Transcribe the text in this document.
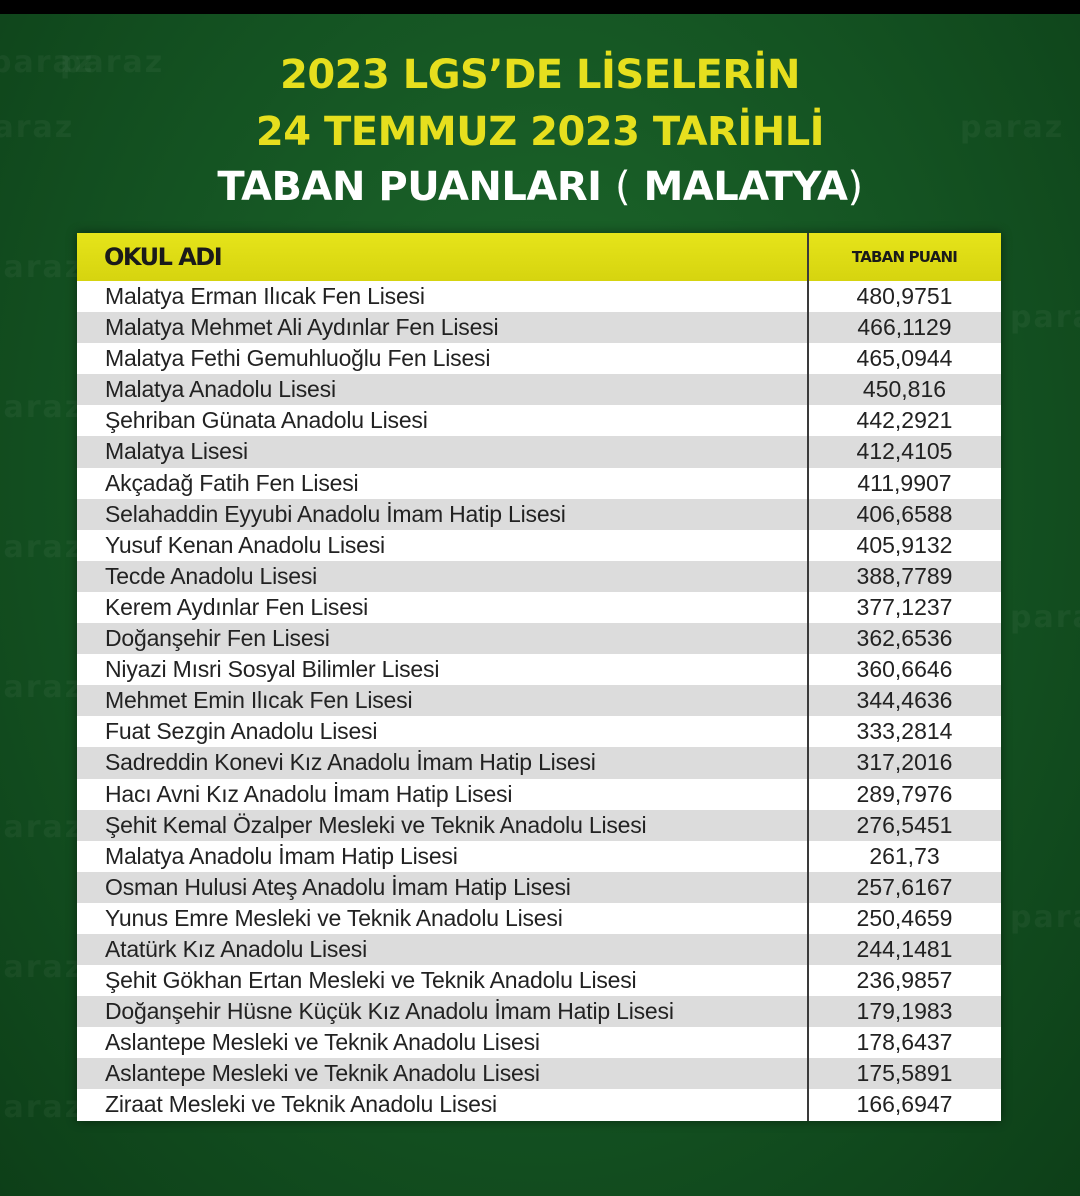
2023 LGS’DE LİSELERİN
24 TEMMUZ 2023 TARİHLİ
TABAN PUANLARI ( MALATYA)
OKUL ADI	TABAN PUANI
Malatya Erman Ilıcak Fen Lisesi	480,9751
Malatya Mehmet Ali Aydınlar Fen Lisesi	466,1129
Malatya Fethi Gemuhluoğlu Fen Lisesi	465,0944
Malatya Anadolu Lisesi	450,816
Şehriban Günata Anadolu Lisesi	442,2921
Malatya Lisesi	412,4105
Akçadağ Fatih Fen Lisesi	411,9907
Selahaddin Eyyubi Anadolu İmam Hatip Lisesi	406,6588
Yusuf Kenan Anadolu Lisesi	405,9132
Tecde Anadolu Lisesi	388,7789
Kerem Aydınlar Fen Lisesi	377,1237
Doğanşehir Fen Lisesi	362,6536
Niyazi Mısri Sosyal Bilimler Lisesi	360,6646
Mehmet Emin Ilıcak Fen Lisesi	344,4636
Fuat Sezgin Anadolu Lisesi	333,2814
Sadreddin Konevi Kız Anadolu İmam Hatip Lisesi	317,2016
Hacı Avni Kız Anadolu İmam Hatip Lisesi	289,7976
Şehit Kemal Özalper Mesleki ve Teknik Anadolu Lisesi	276,5451
Malatya Anadolu İmam Hatip Lisesi	261,73
Osman Hulusi Ateş Anadolu İmam Hatip Lisesi	257,6167
Yunus Emre Mesleki ve Teknik Anadolu Lisesi	250,4659
Atatürk Kız Anadolu Lisesi	244,1481
Şehit Gökhan Ertan Mesleki ve Teknik Anadolu Lisesi	236,9857
Doğanşehir Hüsne Küçük Kız Anadolu İmam Hatip Lisesi	179,1983
Aslantepe Mesleki ve Teknik Anadolu Lisesi	178,6437
Aslantepe Mesleki ve Teknik Anadolu Lisesi	175,5891
Ziraat Mesleki ve Teknik Anadolu Lisesi	166,6947
